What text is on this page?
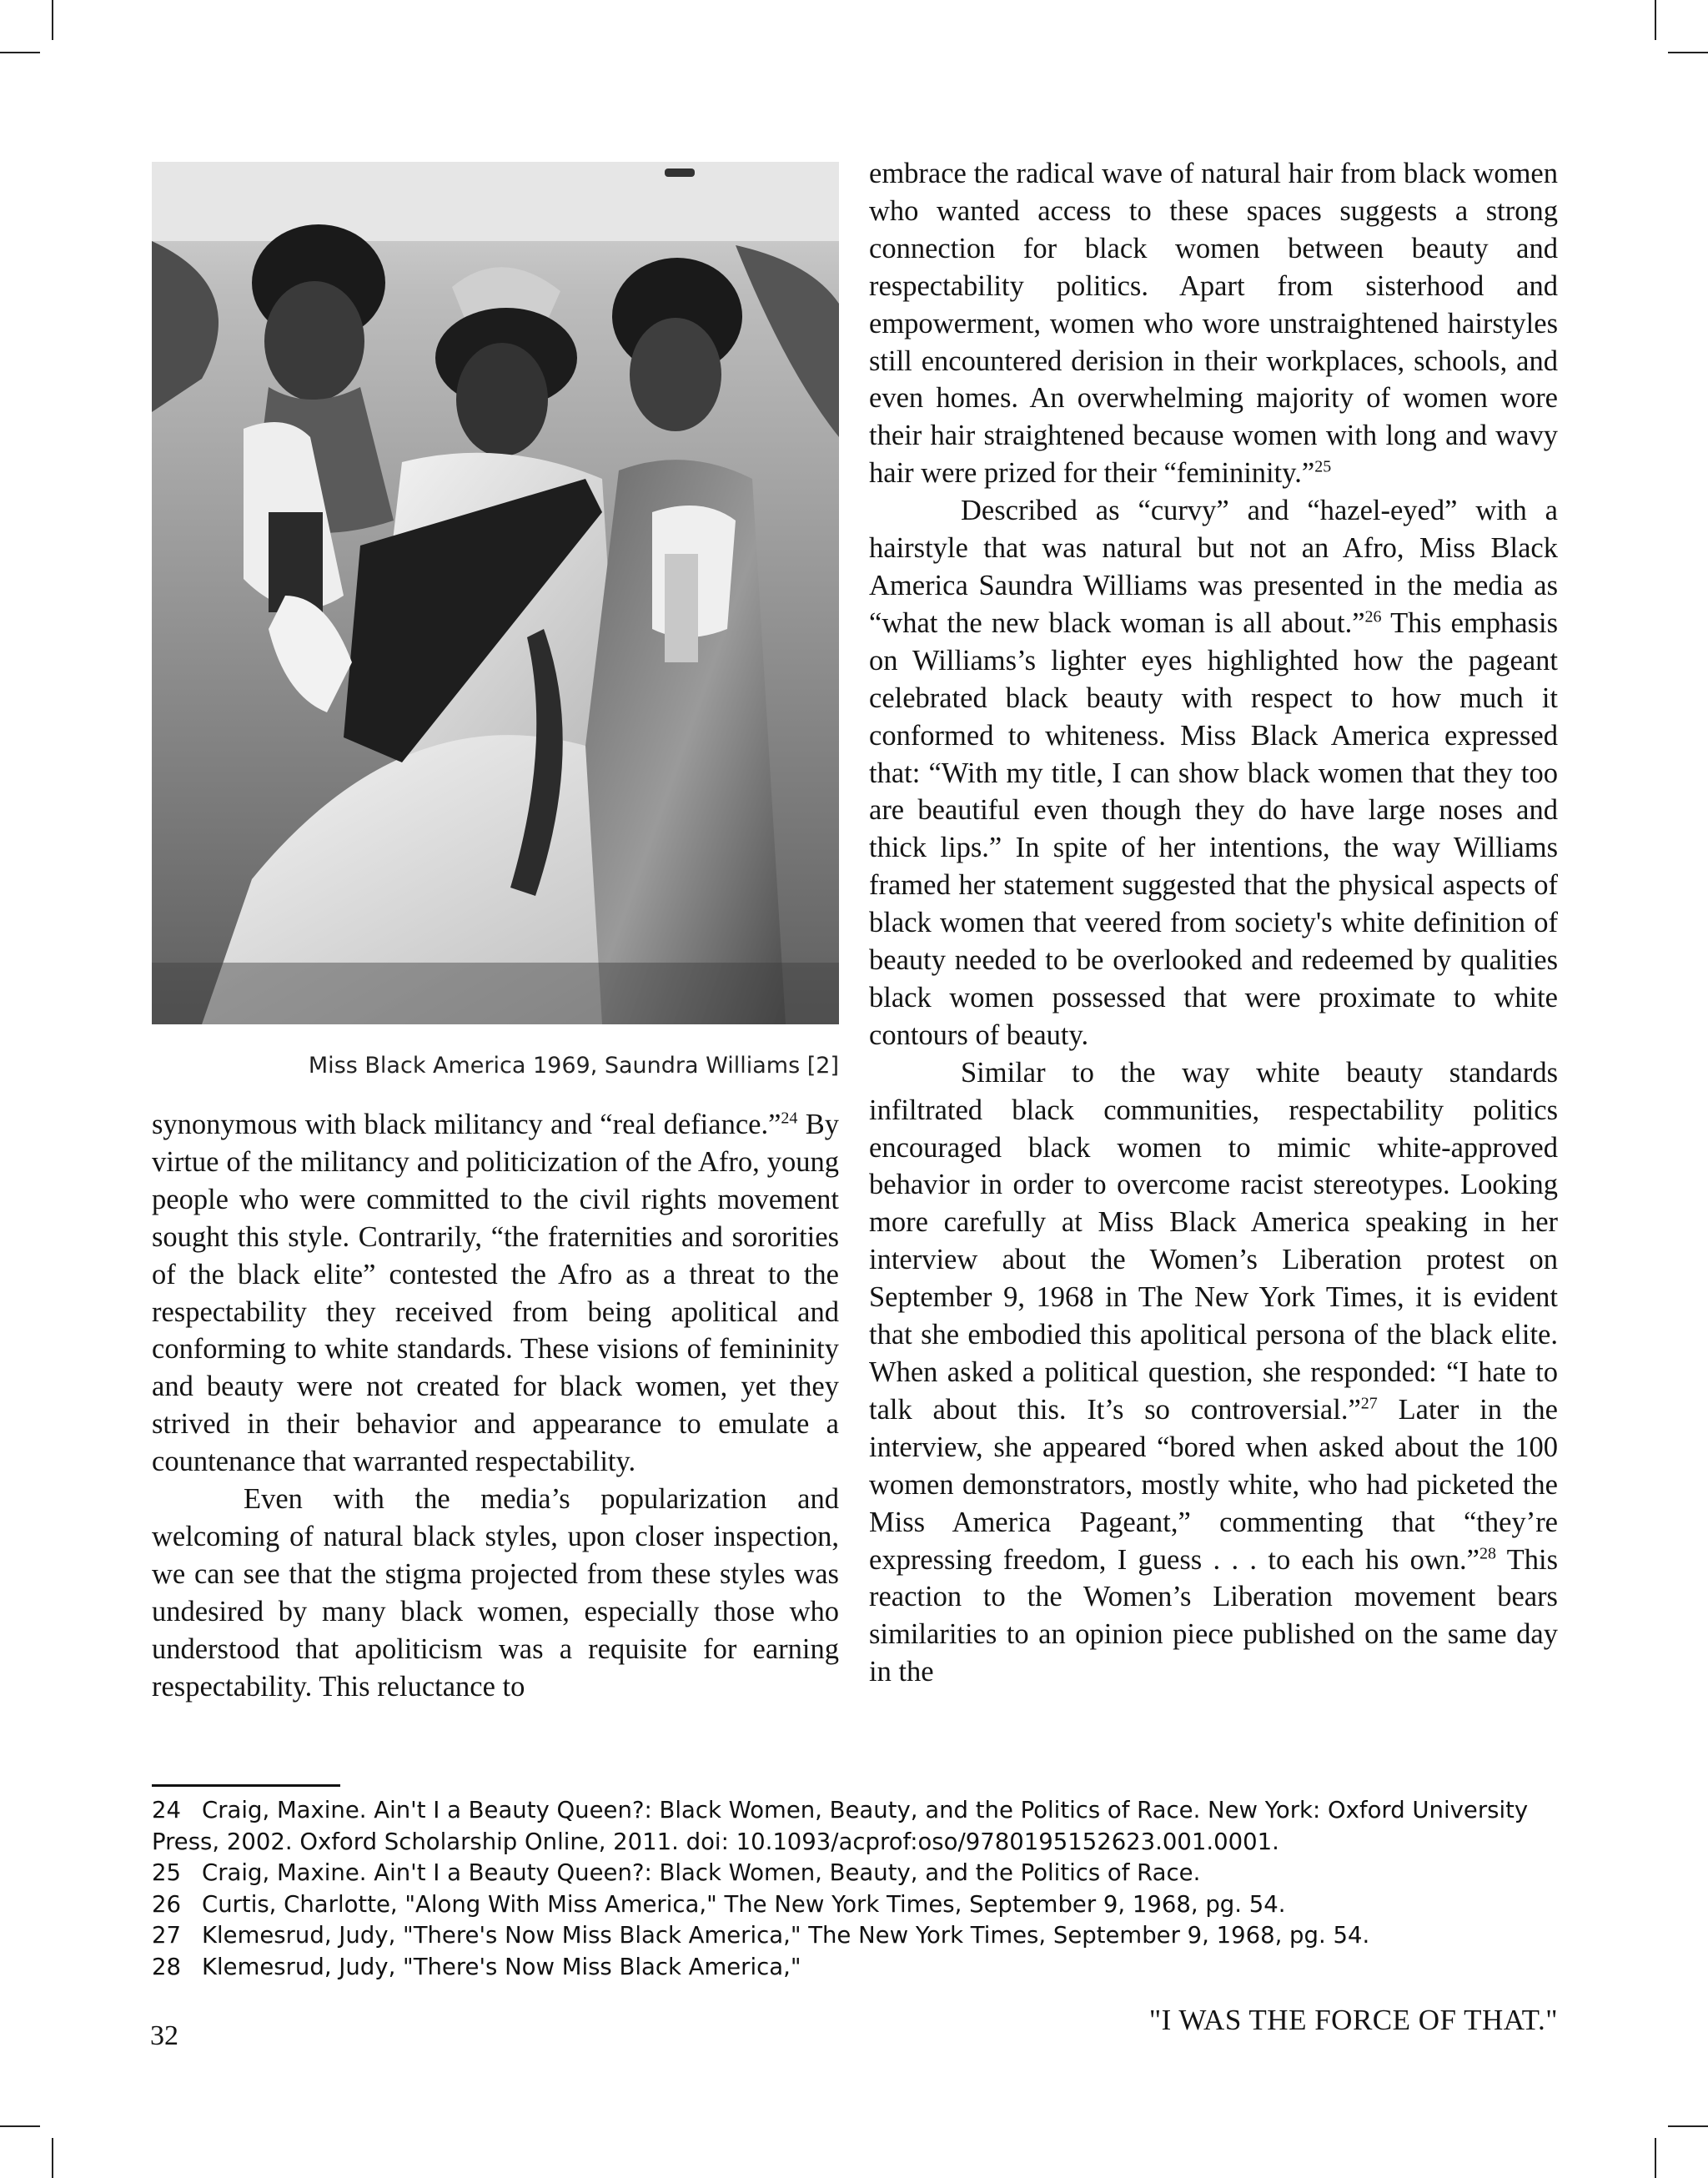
Miss Black America 1969, Saundra Williams [2]

synonymous with black militancy and “real defiance.”$^{24}$ By virtue of the militancy and politicization of the Afro, young people who were committed to the civil rights movement sought this style. Contrarily, “the fraternities and sororities of the black elite” contested the Afro as a threat to the respectability they received from being apolitical and conforming to white standards. These visions of femininity and beauty were not created for black women, yet they strived in their behavior and appearance to emulate a countenance that warranted respectability.

Even with the media’s popularization and welcoming of natural black styles, upon closer inspection, we can see that the stigma projected from these styles was undesired by many black women, especially those who understood that apoliticism was a requisite for earning respectability. This reluctance to

embrace the radical wave of natural hair from black women who wanted access to these spaces suggests a strong connection for black women between beauty and respectability politics. Apart from sisterhood and empowerment, women who wore unstraightened hairstyles still encountered derision in their workplaces, schools, and even homes. An overwhelming majority of women wore their hair straightened because women with long and wavy hair were prized for their “femininity.”$^{25}$

Described as “curvy” and “hazel-eyed” with a hairstyle that was natural but not an Afro, Miss Black America Saundra Williams was presented in the media as “what the new black woman is all about.”$^{26}$ This emphasis on Williams’s lighter eyes highlighted how the pageant celebrated black beauty with respect to how much it conformed to whiteness. Miss Black America expressed that: “With my title, I can show black women that they too are beautiful even though they do have large noses and thick lips.” In spite of her intentions, the way Williams framed her statement suggested that the physical aspects of black women that veered from society's white definition of beauty needed to be overlooked and redeemed by qualities black women possessed that were proximate to white contours of beauty.

Similar to the way white beauty standards infiltrated black communities, respectability politics encouraged black women to mimic white-approved behavior in order to overcome racist stereotypes. Looking more carefully at Miss Black America speaking in her interview about the Women’s Liberation protest on September 9, 1968 in The New York Times, it is evident that she embodied this apolitical persona of the black elite. When asked a political question, she responded: “I hate to talk about this. It’s so controversial.”$^{27}$ Later in the interview, she appeared “bored when asked about the 100 women demonstrators, mostly white, who had picketed the Miss America Pageant,” commenting that “they’re expressing freedom, I guess . . . to each his own.”$^{28}$ This reaction to the Women’s Liberation movement bears similarities to an opinion piece published on the same day in the

24 Craig, Maxine. Ain't I a Beauty Queen?: Black Women, Beauty, and the Politics of Race. New York: Oxford University Press, 2002. Oxford Scholarship Online, 2011. doi: 10.1093/acprof:oso/9780195152623.001.0001.

25 Craig, Maxine. Ain't I a Beauty Queen?: Black Women, Beauty, and the Politics of Race.

26 Curtis, Charlotte, "Along With Miss America," The New York Times, September 9, 1968, pg. 54.

27 Klemesrud, Judy, "There's Now Miss Black America," The New York Times, September 9, 1968, pg. 54.

28 Klemesrud, Judy, "There's Now Miss Black America,"

32	"I WAS THE FORCE OF THAT."
